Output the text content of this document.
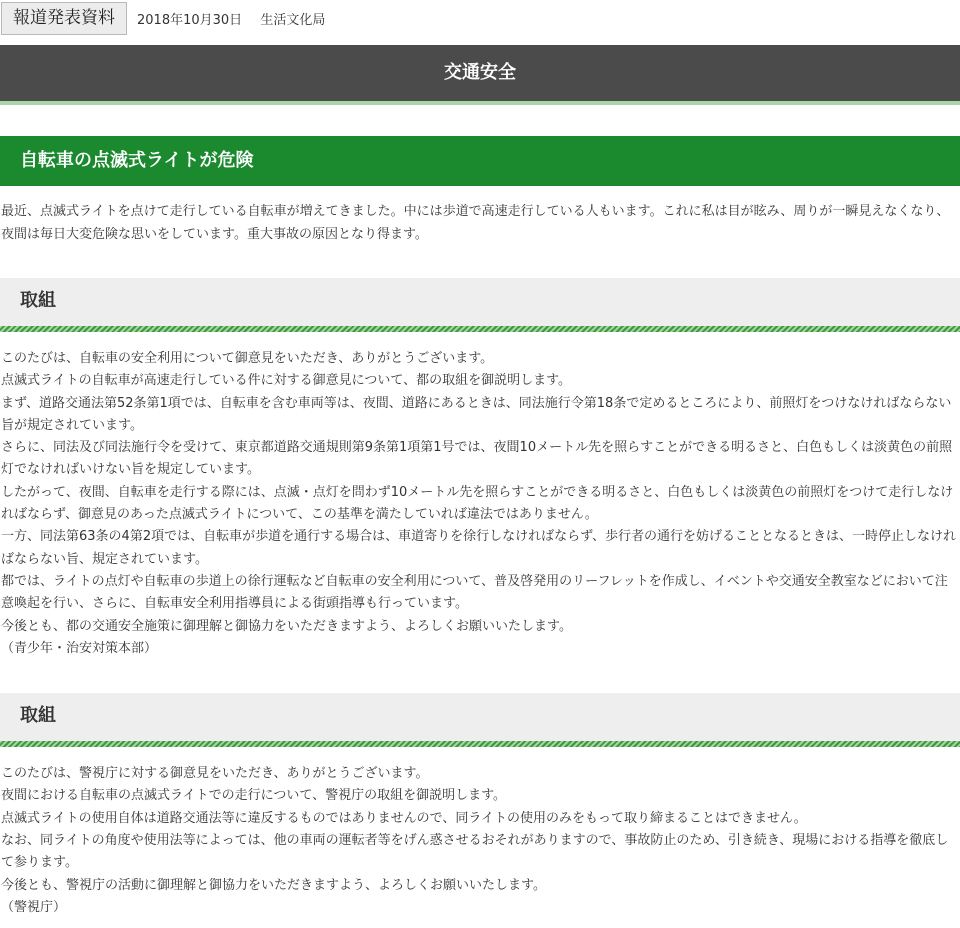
報道発表資料	2018年10月30日 生活文化局
交通安全
自転車の点滅式ライトが危険

最近、点滅式ライトを点けて走行している自転車が増えてきました。中には歩道で高速走行している人もいます。これに私は目が眩み、周りが一瞬見えなくなり、夜間は毎日大変危険な思いをしています。重大事故の原因となり得ます。

取組

このたびは、自転車の安全利用について御意見をいただき、ありがとうございます。

点滅式ライトの自転車が高速走行している件に対する御意見について、都の取組を御説明します。

まず、道路交通法第52条第1項では、自転車を含む車両等は、夜間、道路にあるときは、同法施行令第18条で定めるところにより、前照灯をつけなければならない旨が規定されています。

さらに、同法及び同法施行令を受けて、東京都道路交通規則第9条第1項第1号では、夜間10メートル先を照らすことができる明るさと、白色もしくは淡黄色の前照灯でなければいけない旨を規定しています。

したがって、夜間、自転車を走行する際には、点滅・点灯を問わず10メートル先を照らすことができる明るさと、白色もしくは淡黄色の前照灯をつけて走行しなければならず、御意見のあった点滅式ライトについて、この基準を満たしていれば違法ではありません。

一方、同法第63条の4第2項では、自転車が歩道を通行する場合は、車道寄りを徐行しなければならず、歩行者の通行を妨げることとなるときは、一時停止しなければならない旨、規定されています。

都では、ライトの点灯や自転車の歩道上の徐行運転など自転車の安全利用について、普及啓発用のリーフレットを作成し、イベントや交通安全教室などにおいて注意喚起を行い、さらに、自転車安全利用指導員による街頭指導も行っています。

今後とも、都の交通安全施策に御理解と御協力をいただきますよう、よろしくお願いいたします。

（青少年・治安対策本部）

取組

このたびは、警視庁に対する御意見をいただき、ありがとうございます。

夜間における自転車の点滅式ライトでの走行について、警視庁の取組を御説明します。

点滅式ライトの使用自体は道路交通法等に違反するものではありませんので、同ライトの使用のみをもって取り締まることはできません。

なお、同ライトの角度や使用法等によっては、他の車両の運転者等をげん惑させるおそれがありますので、事故防止のため、引き続き、現場における指導を徹底して参ります。

今後とも、警視庁の活動に御理解と御協力をいただきますよう、よろしくお願いいたします。

（警視庁）
